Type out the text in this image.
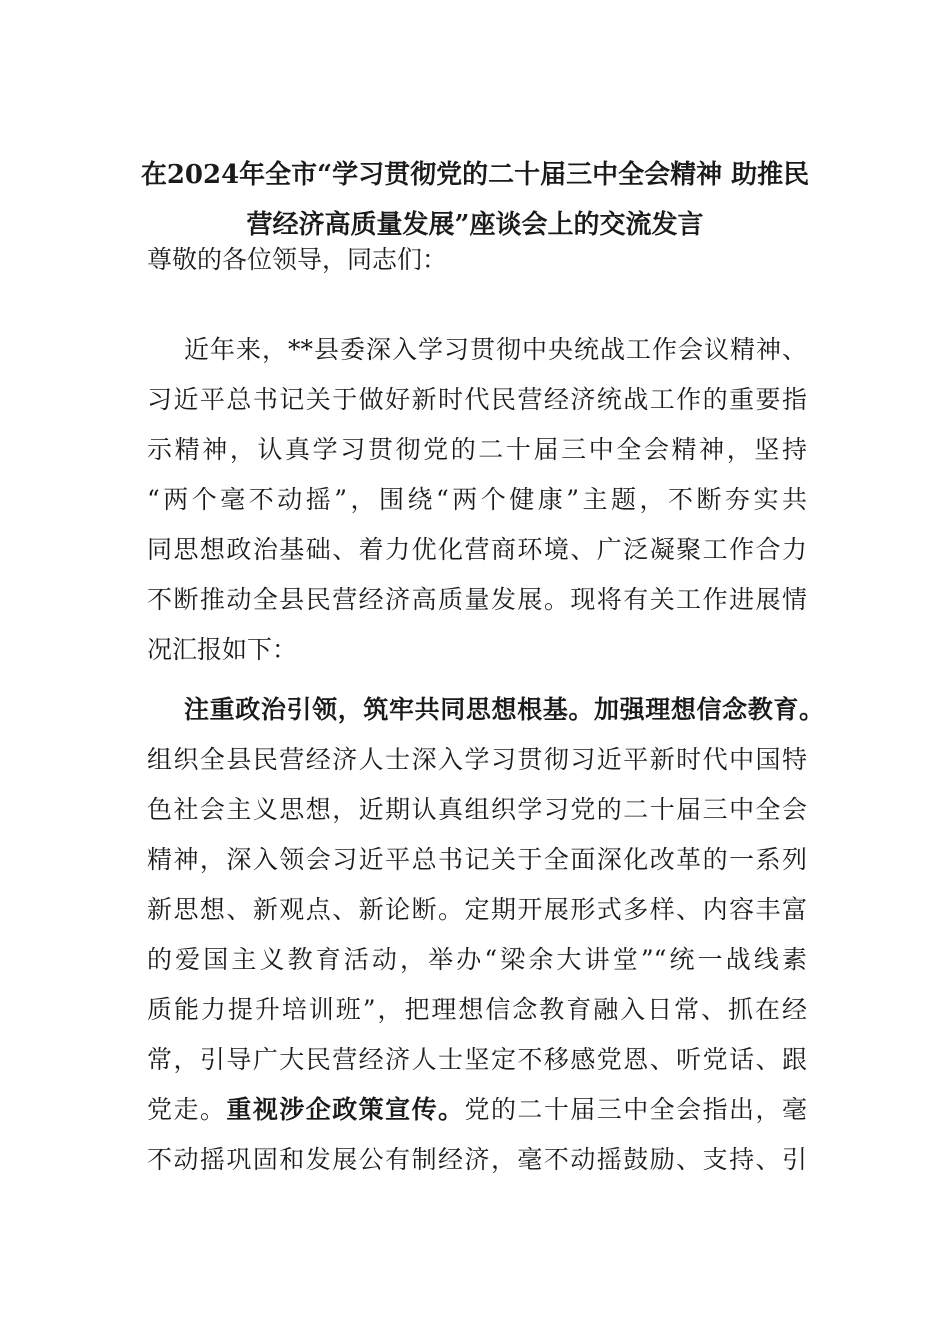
在2024年全市“学习贯彻党的二十届三中全会精神 助推民
营经济高质量发展”座谈会上的交流发言
尊敬的各位领导，同志们：
近年来，**县委深入学习贯彻中央统战工作会议精神、
习近平总书记关于做好新时代民营经济统战工作的重要指
示精神，认真学习贯彻党的二十届三中全会精神，坚持
“两个毫不动摇”，围绕“两个健康”主题，不断夯实共
同思想政治基础、着力优化营商环境、广泛凝聚工作合力
不断推动全县民营经济高质量发展。现将有关工作进展情
况汇报如下：
注重政治引领，筑牢共同思想根基。加强理想信念教育。
组织全县民营经济人士深入学习贯彻习近平新时代中国特
色社会主义思想，近期认真组织学习党的二十届三中全会
精神，深入领会习近平总书记关于全面深化改革的一系列
新思想、新观点、新论断。定期开展形式多样、内容丰富
的爱国主义教育活动，举办“梁余大讲堂”“统一战线素
质能力提升培训班”，把理想信念教育融入日常、抓在经
常，引导广大民营经济人士坚定不移感党恩、听党话、跟
党走。重视涉企政策宣传。党的二十届三中全会指出，毫
不动摇巩固和发展公有制经济，毫不动摇鼓励、支持、引
